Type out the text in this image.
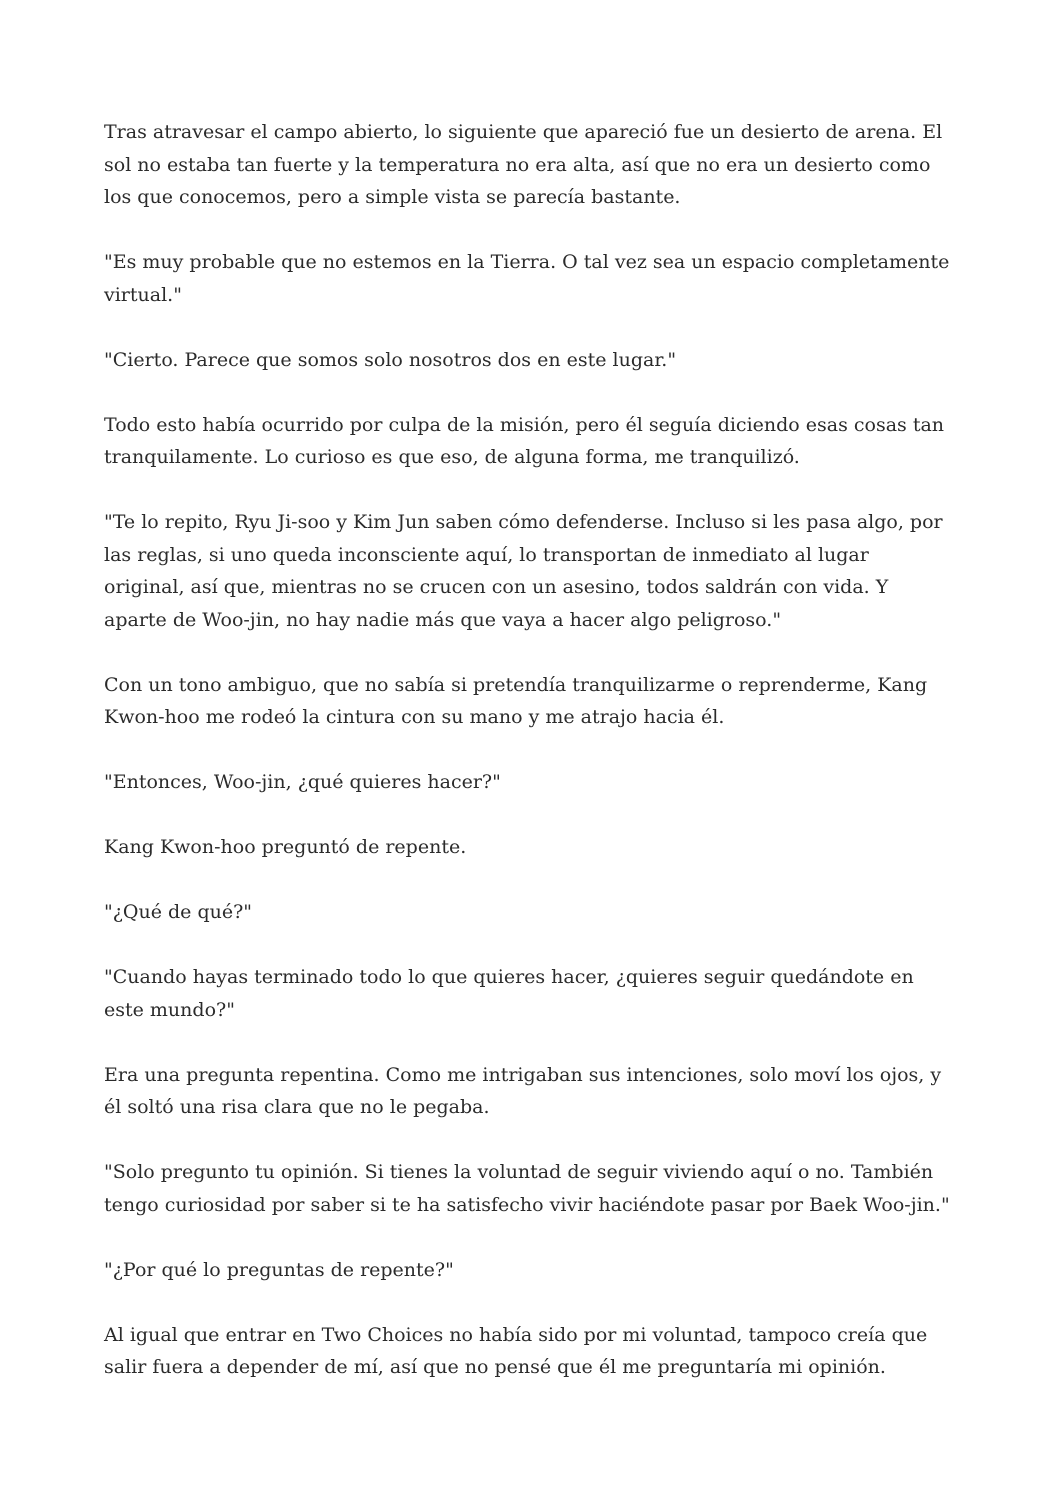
Tras atravesar el campo abierto, lo siguiente que apareció fue un desierto de arena. El sol no estaba tan fuerte y la temperatura no era alta, así que no era un desierto como los que conocemos, pero a simple vista se parecía bastante.

"Es muy probable que no estemos en la Tierra. O tal vez sea un espacio completamente virtual."

"Cierto. Parece que somos solo nosotros dos en este lugar."

Todo esto había ocurrido por culpa de la misión, pero él seguía diciendo esas cosas tan tranquilamente. Lo curioso es que eso, de alguna forma, me tranquilizó.

"Te lo repito, Ryu Ji-soo y Kim Jun saben cómo defenderse. Incluso si les pasa algo, por las reglas, si uno queda inconsciente aquí, lo transportan de inmediato al lugar original, así que, mientras no se crucen con un asesino, todos saldrán con vida. Y aparte de Woo-jin, no hay nadie más que vaya a hacer algo peligroso."

Con un tono ambiguo, que no sabía si pretendía tranquilizarme o reprenderme, Kang Kwon-hoo me rodeó la cintura con su mano y me atrajo hacia él.

"Entonces, Woo-jin, ¿qué quieres hacer?"

Kang Kwon-hoo preguntó de repente.

"¿Qué de qué?"

"Cuando hayas terminado todo lo que quieres hacer, ¿quieres seguir quedándote en este mundo?"

Era una pregunta repentina. Como me intrigaban sus intenciones, solo moví los ojos, y él soltó una risa clara que no le pegaba.

"Solo pregunto tu opinión. Si tienes la voluntad de seguir viviendo aquí o no. También tengo curiosidad por saber si te ha satisfecho vivir haciéndote pasar por Baek Woo-jin."

"¿Por qué lo preguntas de repente?"

Al igual que entrar en Two Choices no había sido por mi voluntad, tampoco creía que salir fuera a depender de mí, así que no pensé que él me preguntaría mi opinión.
